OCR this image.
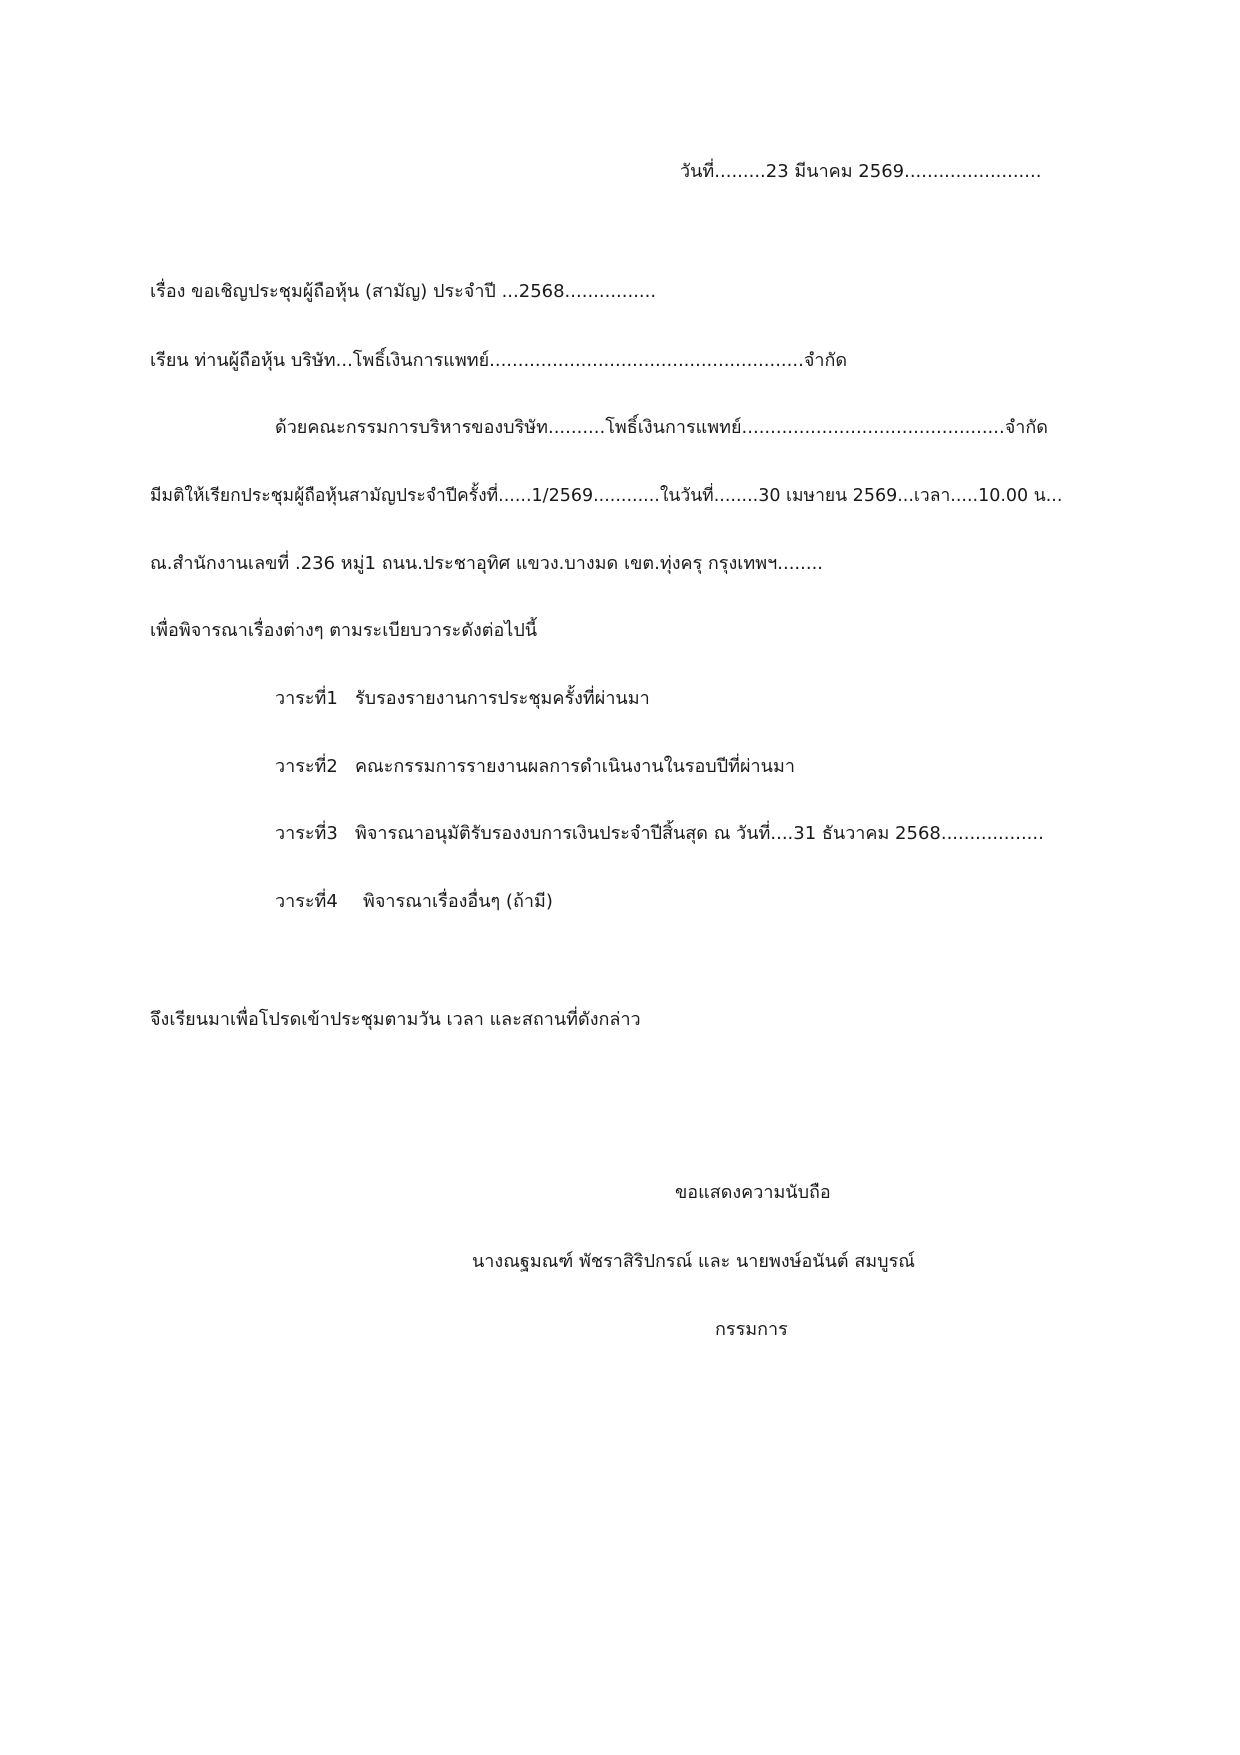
วันที่.........23 มีนาคม 2569........................
เรื่อง ขอเชิญประชุมผู้ถือหุ้น (สามัญ) ประจำปี ...2568................
เรียน ท่านผู้ถือหุ้น บริษัท...โพธิ์เงินการแพทย์.......................................................จำกัด
ด้วยคณะกรรมการบริหารของบริษัท..........โพธิ์เงินการแพทย์..............................................จำกัด
มีมติให้เรียกประชุมผู้ถือหุ้นสามัญประจำปีครั้งที่......1/2569............ในวันที่........30 เมษายน 2569...เวลา.....10.00 น...
ณ.สำนักงานเลขที่ .236 หมู่1 ถนน.ประชาอุทิศ แขวง.บางมด เขต.ทุ่งครุ กรุงเทพฯ........
เพื่อพิจารณาเรื่องต่างๆ ตามระเบียบวาระดังต่อไปนี้
วาระที่1 รับรองรายงานการประชุมครั้งที่ผ่านมา
วาระที่2 คณะกรรมการรายงานผลการดำเนินงานในรอบปีที่ผ่านมา
วาระที่3 พิจารณาอนุมัติรับรองงบการเงินประจำปีสิ้นสุด ณ วันที่....31 ธันวาคม 2568..................
วาระที่4 พิจารณาเรื่องอื่นๆ (ถ้ามี)
จึงเรียนมาเพื่อโปรดเข้าประชุมตามวัน เวลา และสถานที่ดังกล่าว
ขอแสดงความนับถือ
นางณฐมณฑ์ พัชราสิริปกรณ์ และ นายพงษ์อนันต์ สมบูรณ์
กรรมการ
